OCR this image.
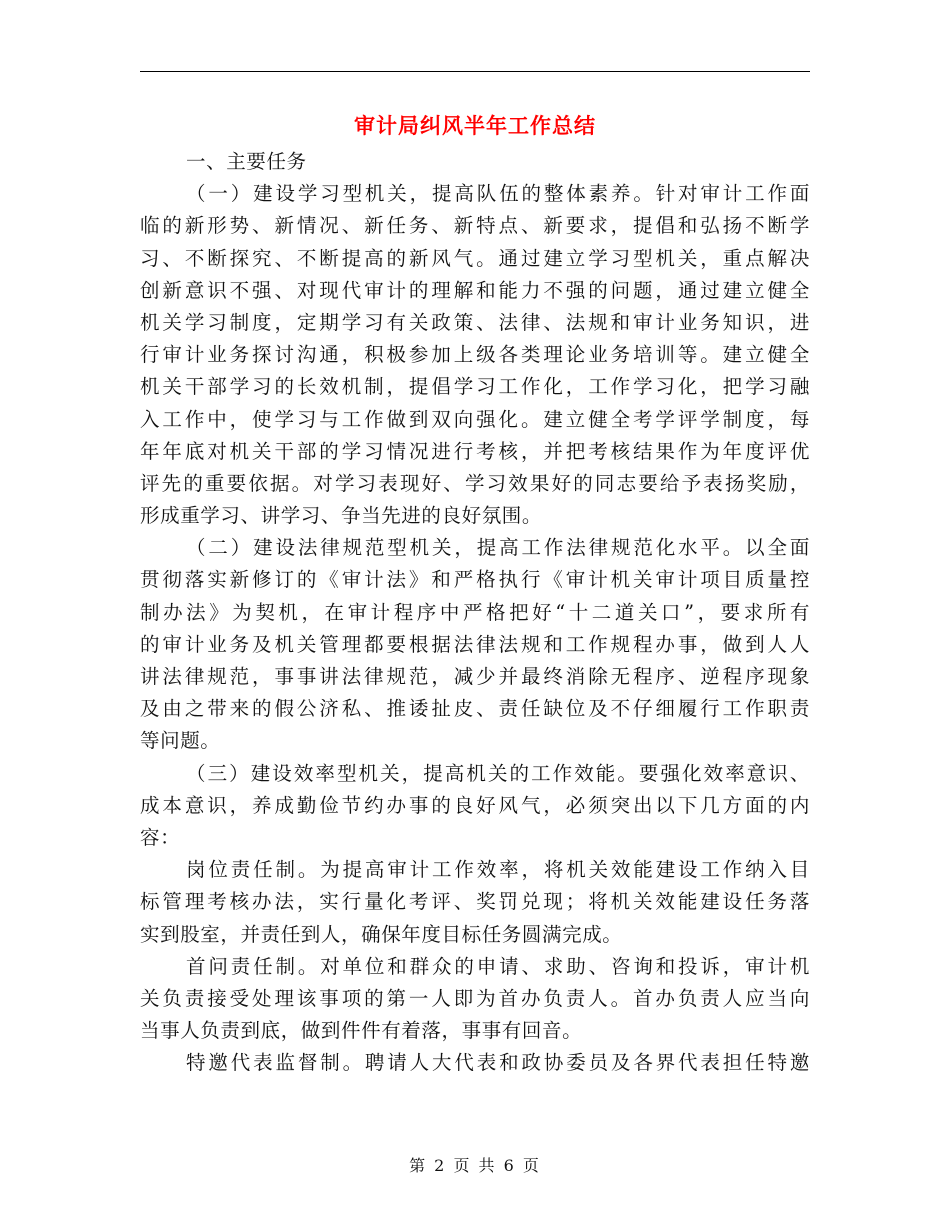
审计局纠风半年工作总结
一、主要任务
（一）建设学习型机关，提高队伍的整体素养。针对审计工作面
临的新形势、新情况、新任务、新特点、新要求，提倡和弘扬不断学
习、不断探究、不断提高的新风气。通过建立学习型机关，重点解决
创新意识不强、对现代审计的理解和能力不强的问题，通过建立健全
机关学习制度，定期学习有关政策、法律、法规和审计业务知识，进
行审计业务探讨沟通，积极参加上级各类理论业务培训等。建立健全
机关干部学习的长效机制，提倡学习工作化，工作学习化，把学习融
入工作中，使学习与工作做到双向强化。建立健全考学评学制度，每
年年底对机关干部的学习情况进行考核，并把考核结果作为年度评优
评先的重要依据。对学习表现好、学习效果好的同志要给予表扬奖励，
形成重学习、讲学习、争当先进的良好氛围。
（二）建设法律规范型机关，提高工作法律规范化水平。以全面
贯彻落实新修订的《审计法》和严格执行《审计机关审计项目质量控
制办法》为契机，在审计程序中严格把好“十二道关口”，要求所有
的审计业务及机关管理都要根据法律法规和工作规程办事，做到人人
讲法律规范，事事讲法律规范，减少并最终消除无程序、逆程序现象
及由之带来的假公济私、推诿扯皮、责任缺位及不仔细履行工作职责
等问题。
（三）建设效率型机关，提高机关的工作效能。要强化效率意识、
成本意识，养成勤俭节约办事的良好风气，必须突出以下几方面的内
容：
岗位责任制。为提高审计工作效率，将机关效能建设工作纳入目
标管理考核办法，实行量化考评、奖罚兑现；将机关效能建设任务落
实到股室，并责任到人，确保年度目标任务圆满完成。
首问责任制。对单位和群众的申请、求助、咨询和投诉，审计机
关负责接受处理该事项的第一人即为首办负责人。首办负责人应当向
当事人负责到底，做到件件有着落，事事有回音。
特邀代表监督制。聘请人大代表和政协委员及各界代表担任特邀
第 2 页 共 6 页
